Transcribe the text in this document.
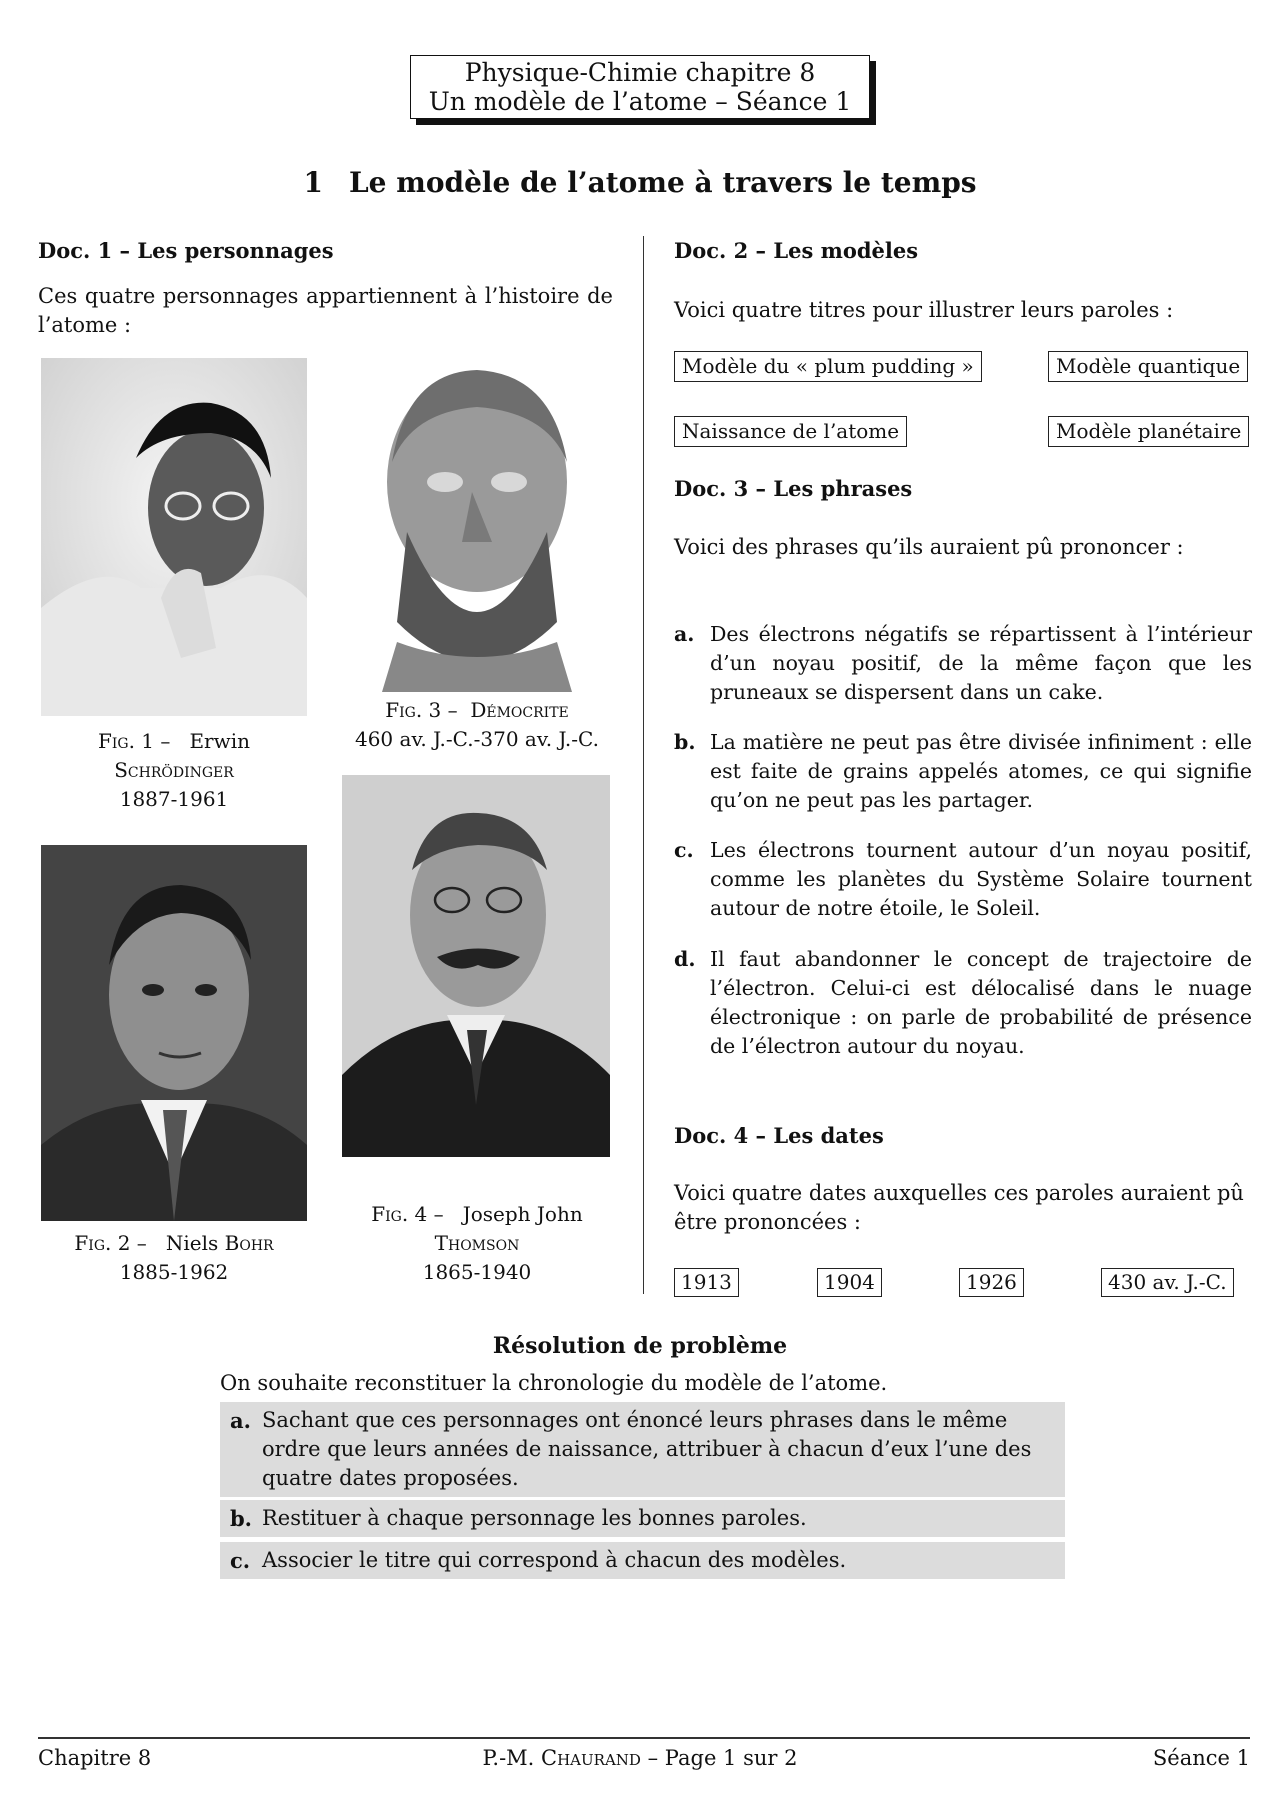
Physique-Chimie chapitre 8
Un modèle de l’atome – Séance 1
1 Le modèle de l’atome à travers le temps
Doc. 1 – Les personnages
Ces quatre personnages appartiennent à l’histoire de l’atome :
Fig. 1 – Erwin
Schrödinger
1887-1961
Fig. 3 – Démocrite
460 av. J.-C.-370 av. J.-C.
Fig. 2 – Niels Bohr
1885-1962
Fig. 4 – Joseph John
Thomson
1865-1940
Doc. 2 – Les modèles
Voici quatre titres pour illustrer leurs paroles :
Modèle du « plum pudding »	Modèle quantique
Naissance de l’atome	Modèle planétaire
Doc. 3 – Les phrases
Voici des phrases qu’ils auraient pû prononcer :
a. Des électrons négatifs se répartissent à l’intérieur d’un noyau positif, de la même façon que les pruneaux se dispersent dans un cake.
b. La matière ne peut pas être divisée infiniment : elle est faite de grains appelés atomes, ce qui signifie qu’on ne peut pas les partager.
c. Les électrons tournent autour d’un noyau positif, comme les planètes du Système Solaire tournent autour de notre étoile, le Soleil.
d. Il faut abandonner le concept de trajectoire de l’électron. Celui-ci est délocalisé dans le nuage électronique : on parle de probabilité de présence de l’électron autour du noyau.
Doc. 4 – Les dates
Voici quatre dates auxquelles ces paroles auraient pû être prononcées :
1913	1904	1926	430 av. J.-C.
Résolution de problème
On souhaite reconstituer la chronologie du modèle de l’atome.
a. Sachant que ces personnages ont énoncé leurs phrases dans le même ordre que leurs années de naissance, attribuer à chacun d’eux l’une des quatre dates proposées.
b. Restituer à chaque personnage les bonnes paroles.
c. Associer le titre qui correspond à chacun des modèles.
Chapitre 8	P.-M. Chaurand – Page 1 sur 2	Séance 1
